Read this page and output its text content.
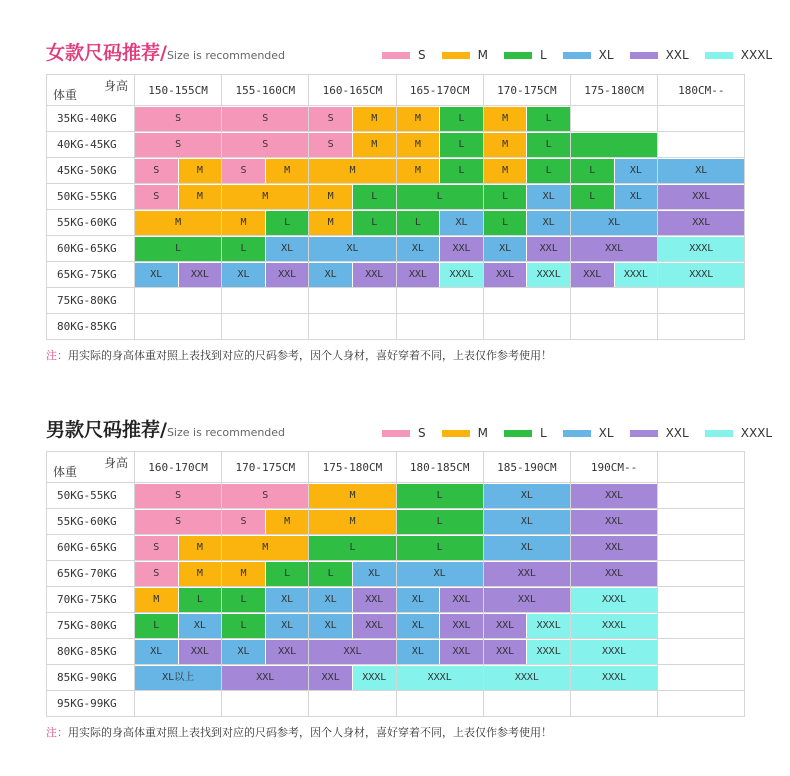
女款尺码推荐/Size is recommended	S	M	L	XL	XXL	XXXL
身高
体重	150-155CM	155-160CM	160-165CM	165-170CM	170-175CM	175-180CM	180CM--
35KG-40KG	S	S	S	M	M	L	M	L
40KG-45KG	S	S	S	M	M	L	M	L
45KG-50KG	S	M	S	M	M	M	L	M	L	L	XL	XL
50KG-55KG	S	M	M	M	L	L	L	XL	L	XL	XXL
55KG-60KG	M	M	L	M	L	L	XL	L	XL	XL	XXL
60KG-65KG	L	L	XL	XL	XL	XXL	XL	XXL	XXL	XXXL
65KG-75KG	XL	XXL	XL	XXL	XL	XXL	XXL	XXXL	XXL	XXXL	XXL	XXXL	XXXL
75KG-80KG
80KG-85KG
注：用实际的身高体重对照上表找到对应的尺码参考，因个人身材，喜好穿着不同，上表仅作参考使用！
男款尺码推荐/Size is recommended	S	M	L	XL	XXL	XXXL
身高
体重	160-170CM	170-175CM	175-180CM	180-185CM	185-190CM	190CM--
50KG-55KG	S	S	M	L	XL	XXL
55KG-60KG	S	S	M	M	L	XL	XXL
60KG-65KG	S	M	M	L	L	XL	XXL
65KG-70KG	S	M	M	L	L	XL	XL	XXL	XXL
70KG-75KG	M	L	L	XL	XL	XXL	XL	XXL	XXL	XXXL
75KG-80KG	L	XL	L	XL	XL	XXL	XL	XXL	XXL	XXXL	XXXL
80KG-85KG	XL	XXL	XL	XXL	XXL	XL	XXL	XXL	XXXL	XXXL
85KG-90KG	XL以上	XXL	XXL	XXXL	XXXL	XXXL	XXXL
95KG-99KG
注：用实际的身高体重对照上表找到对应的尺码参考，因个人身材，喜好穿着不同，上表仅作参考使用！
